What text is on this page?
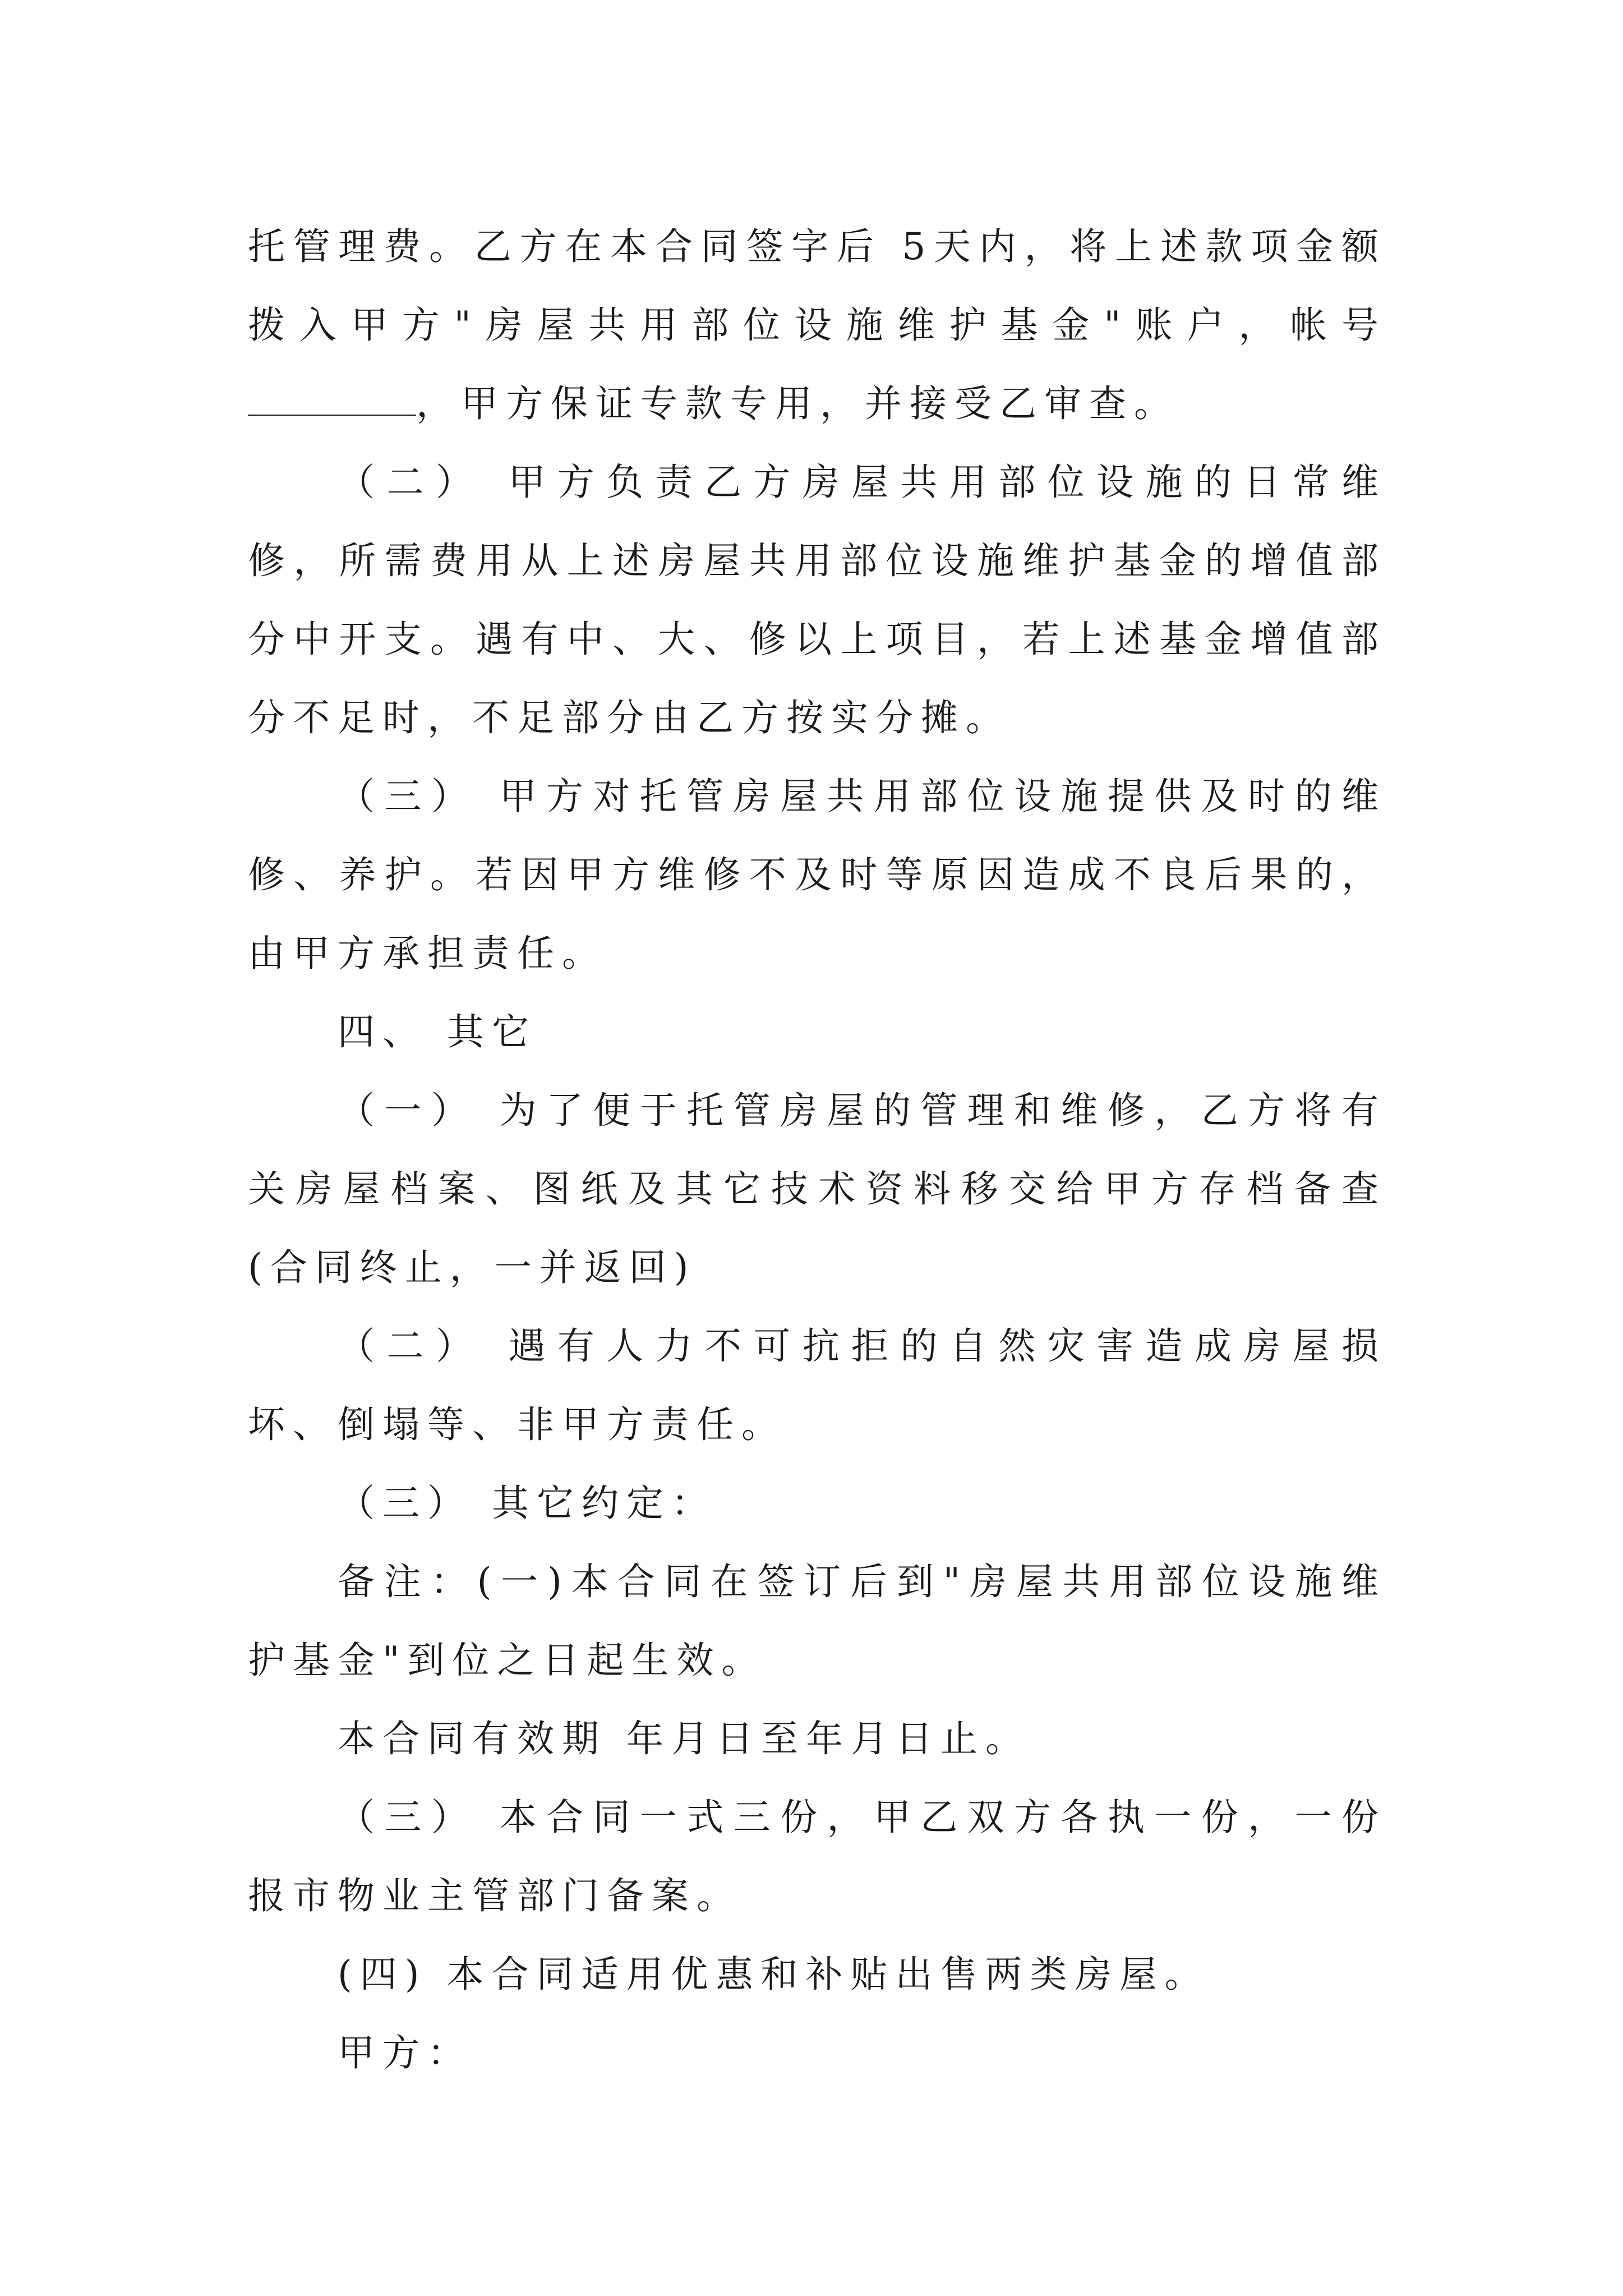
托管理费。乙方在本合同签字后 5天内，将上述款项金额拨入甲方"房屋共用部位设施维护基金"账户，帐号，甲方保证专款专用，并接受乙审查。

（二） 甲方负责乙方房屋共用部位设施的日常维修，所需费用从上述房屋共用部位设施维护基金的增值部分中开支。遇有中、大、修以上项目，若上述基金增值部分不足时，不足部分由乙方按实分摊。

（三） 甲方对托管房屋共用部位设施提供及时的维修、养护。若因甲方维修不及时等原因造成不良后果的，由甲方承担责任。

四、 其它

（一） 为了便于托管房屋的管理和维修，乙方将有关房屋档案、图纸及其它技术资料移交给甲方存档备查(合同终止，一并返回)

（二） 遇有人力不可抗拒的自然灾害造成房屋损坏、倒塌等、非甲方责任。

（三） 其它约定：

备注：(一)本合同在签订后到"房屋共用部位设施维护基金"到位之日起生效。

本合同有效期 年月日至年月日止。

（三） 本合同一式三份，甲乙双方各执一份，一份报市物业主管部门备案。

(四) 本合同适用优惠和补贴出售两类房屋。

甲方：
